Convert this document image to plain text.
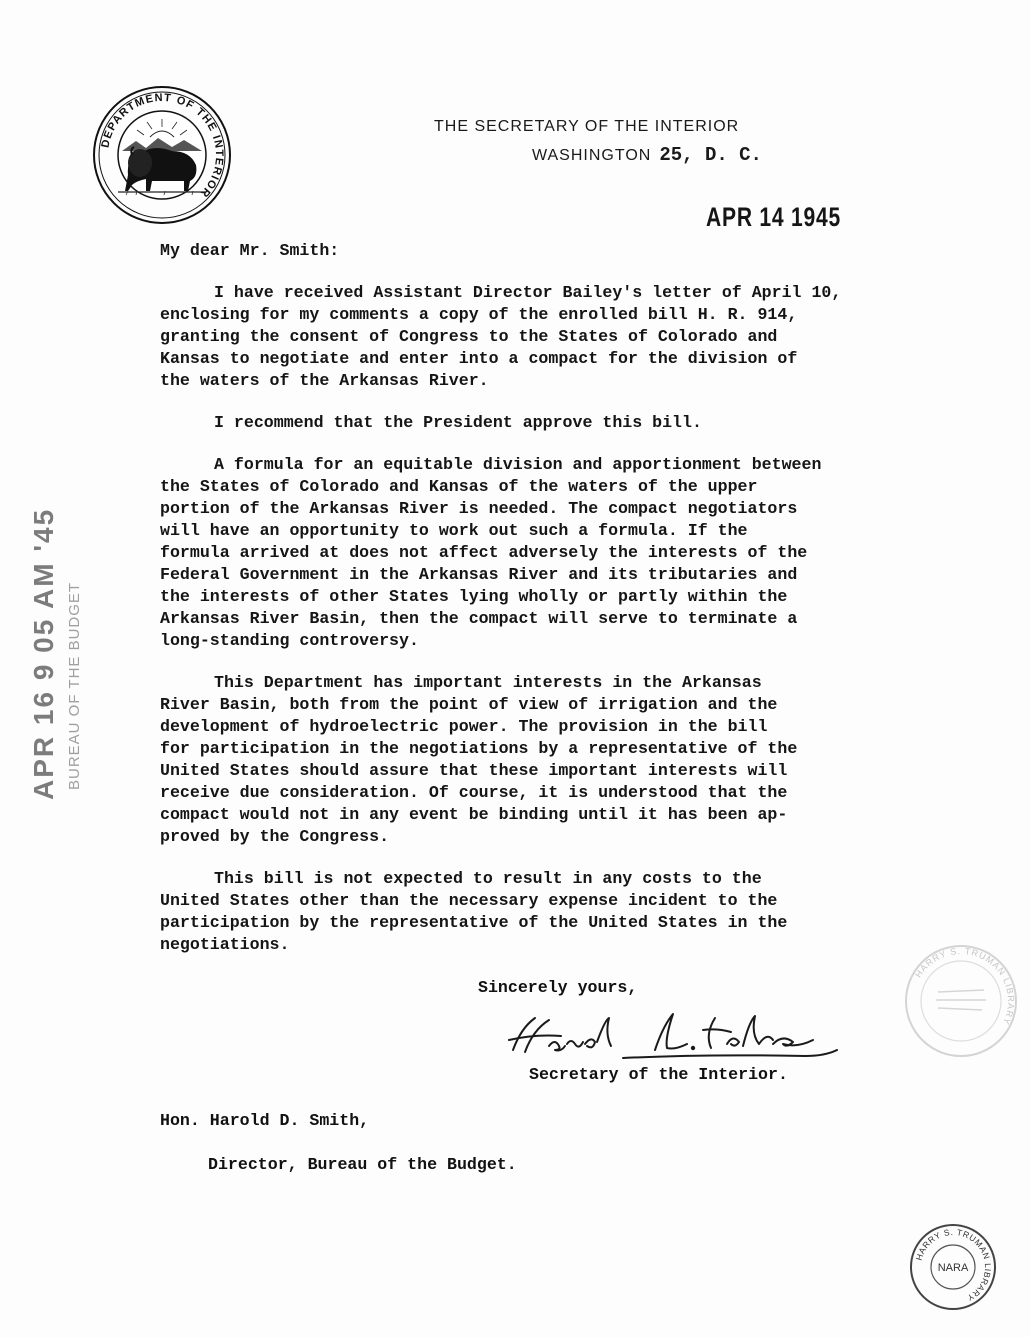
DEPARTMENT OF THE INTERIOR
THE SECRETARY OF THE INTERIOR
WASHINGTON 25, D. C.
APR 14 1945
My dear Mr. Smith:
I have received Assistant Director Bailey's letter of April 10,
enclosing for my comments a copy of the enrolled bill H. R. 914,
granting the consent of Congress to the States of Colorado and
Kansas to negotiate and enter into a compact for the division of
the waters of the Arkansas River.
I recommend that the President approve this bill.
A formula for an equitable division and apportionment between
the States of Colorado and Kansas of the waters of the upper
portion of the Arkansas River is needed. The compact negotiators
will have an opportunity to work out such a formula. If the
formula arrived at does not affect adversely the interests of the
Federal Government in the Arkansas River and its tributaries and
the interests of other States lying wholly or partly within the
Arkansas River Basin, then the compact will serve to terminate a
long-standing controversy.
This Department has important interests in the Arkansas
River Basin, both from the point of view of irrigation and the
development of hydroelectric power. The provision in the bill
for participation in the negotiations by a representative of the
United States should assure that these important interests will
receive due consideration. Of course, it is understood that the
compact would not in any event be binding until it has been ap-
proved by the Congress.
This bill is not expected to result in any costs to the
United States other than the necessary expense incident to the
participation by the representative of the United States in the
negotiations.
Sincerely yours,
Secretary of the Interior.
Hon. Harold D. Smith,
Director, Bureau of the Budget.
APR 16 9 05 AM '45 BUREAU OF THE BUDGET
HARRY S. TRUMAN LIBRARY
HARRY S. TRUMAN LIBRARY
NARA
